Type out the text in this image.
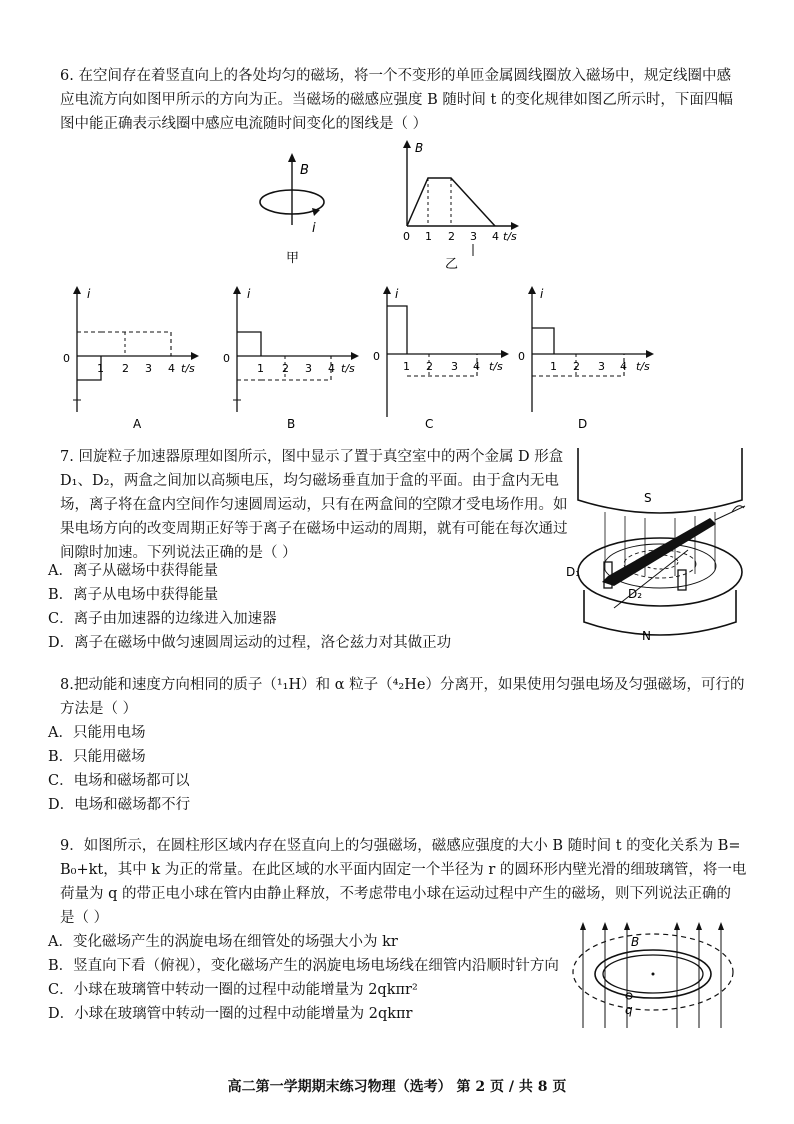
6. 在空间存在着竖直向上的各处均匀的磁场，将一个不变形的单匝金属圆线圈放入磁场中，规定线圈中感
应电流方向如图甲所示的方向为正。当磁场的磁感应强度 B 随时间 t 的变化规律如图乙所示时，下面四幅
图中能正确表示线圈中感应电流随时间变化的图线是（ ）
B
i
甲
B
0 1 2 3 4 t/s
乙
i
0
1 2 3 4 t/s
A
i
0
1 2 3 4 t/s
B
i
0
1 2 3 4 t/s
C
i
0
1 2 3 4 t/s
D
7. 回旋粒子加速器原理如图所示，图中显示了置于真空室中的两个金属 D 形盒
D₁、D₂，两盒之间加以高频电压，均匀磁场垂直加于盒的平面。由于盒内无电
场，离子将在盒内空间作匀速圆周运动，只有在两盒间的空隙才受电场作用。如
果电场方向的改变周期正好等于离子在磁场中运动的周期，就有可能在每次通过
间隙时加速。下列说法正确的是（ ）
A．离子从磁场中获得能量
B．离子从电场中获得能量
C．离子由加速器的边缘进入加速器
D．离子在磁场中做匀速圆周运动的过程，洛仑兹力对其做正功
S
D₁
D₂
N
8.把动能和速度方向相同的质子（¹₁H）和 α 粒子（⁴₂He）分离开，如果使用匀强电场及匀强磁场，可行的
方法是（ ）
A．只能用电场
B．只能用磁场
C．电场和磁场都可以
D．电场和磁场都不行
9．如图所示，在圆柱形区域内存在竖直向上的匀强磁场，磁感应强度的大小 B 随时间 t 的变化关系为 B=
B₀+kt，其中 k 为正的常量。在此区域的水平面内固定一个半径为 r 的圆环形内壁光滑的细玻璃管，将一电
荷量为 q 的带正电小球在管内由静止释放，不考虑带电小球在运动过程中产生的磁场，则下列说法正确的
是（ ）
A．变化磁场产生的涡旋电场在细管处的场强大小为 kr
B．竖直向下看（俯视），变化磁场产生的涡旋电场电场线在细管内沿顺时针方向
C．小球在玻璃管中转动一圈的过程中动能增量为 2qkπr²
D．小球在玻璃管中转动一圈的过程中动能增量为 2qkπr
B
q
高二第一学期期末练习物理（选考） 第 2 页 / 共 8 页
